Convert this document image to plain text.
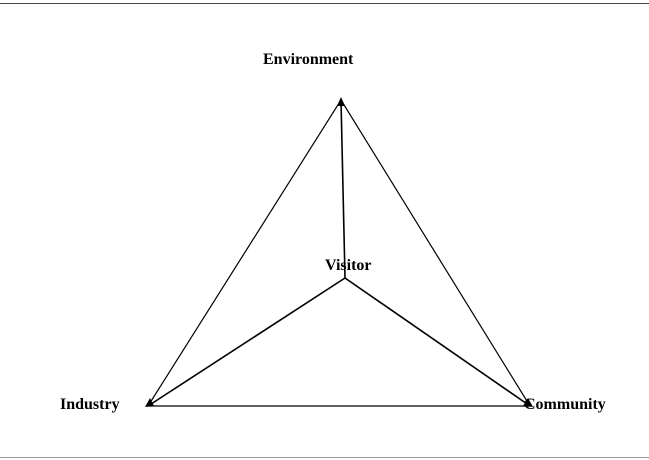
Environment
Visitor
Industry	Community
